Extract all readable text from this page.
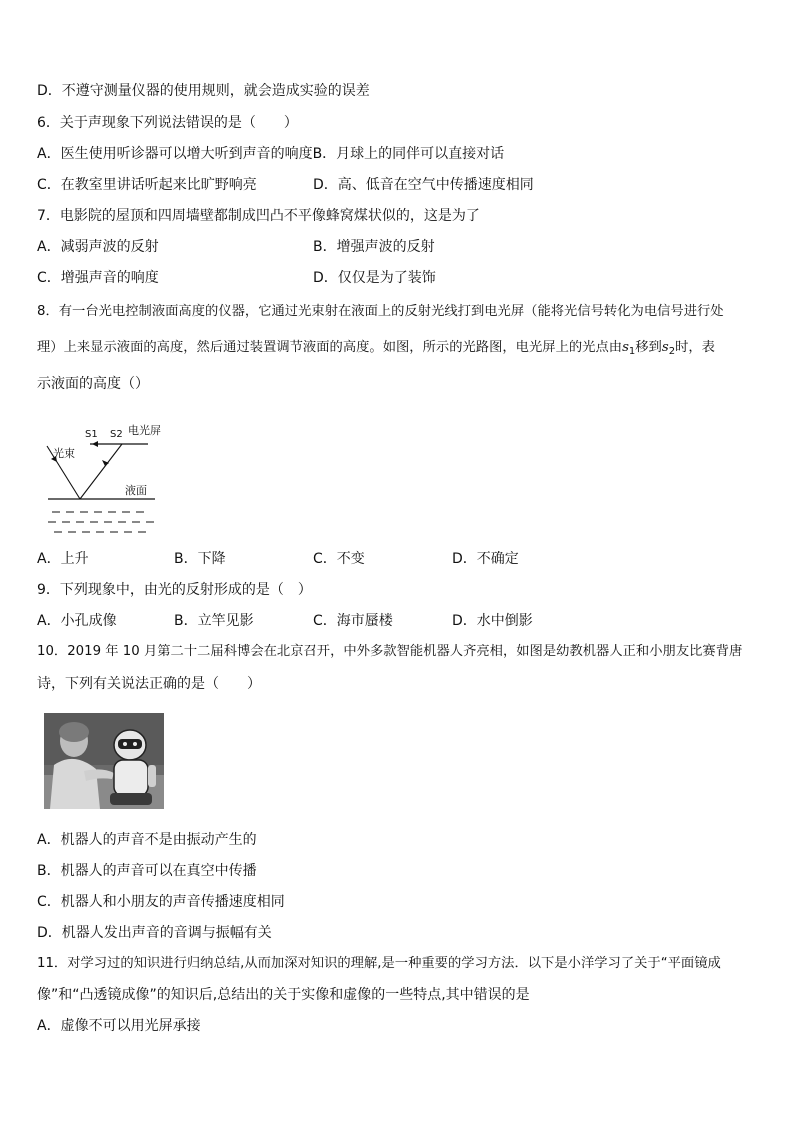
D．不遵守测量仪器的使用规则，就会造成实验的误差
6．关于声现象下列说法错误的是（　　）
A．医生使用听诊器可以增大听到声音的响度B．月球上的同伴可以直接对话
C．在教室里讲话听起来比旷野响亮	D．高、低音在空气中传播速度相同
7．电影院的屋顶和四周墙壁都制成凹凸不平像蜂窝煤状似的，这是为了
A．减弱声波的反射	B．增强声波的反射
C．增强声音的响度	D．仅仅是为了装饰
8．有一台光电控制液面高度的仪器，它通过光束射在液面上的反射光线打到电光屏（能将光信号转化为电信号进行处
理）上来显示液面的高度，然后通过装置调节液面的高度。如图，所示的光路图，电光屏上的光点由$s_1$移到$s_2$时，表
示液面的高度（）
S1 S2 电光屏
光束
液面
A．上升	B．下降	C．不变	D．不确定
9．下列现象中，由光的反射形成的是（　）
A．小孔成像	B．立竿见影	C．海市蜃楼	D．水中倒影
10．2019 年 10 月第二十二届科博会在北京召开，中外多款智能机器人齐亮相，如图是幼教机器人正和小朋友比赛背唐
诗，下列有关说法正确的是（　　）
A．机器人的声音不是由振动产生的
B．机器人的声音可以在真空中传播
C．机器人和小朋友的声音传播速度相同
D．机器人发出声音的音调与振幅有关
11．对学习过的知识进行归纳总结,从而加深对知识的理解,是一种重要的学习方法．以下是小洋学习了关于“平面镜成
像”和“凸透镜成像”的知识后,总结出的关于实像和虚像的一些特点,其中错误的是
A．虚像不可以用光屏承接
